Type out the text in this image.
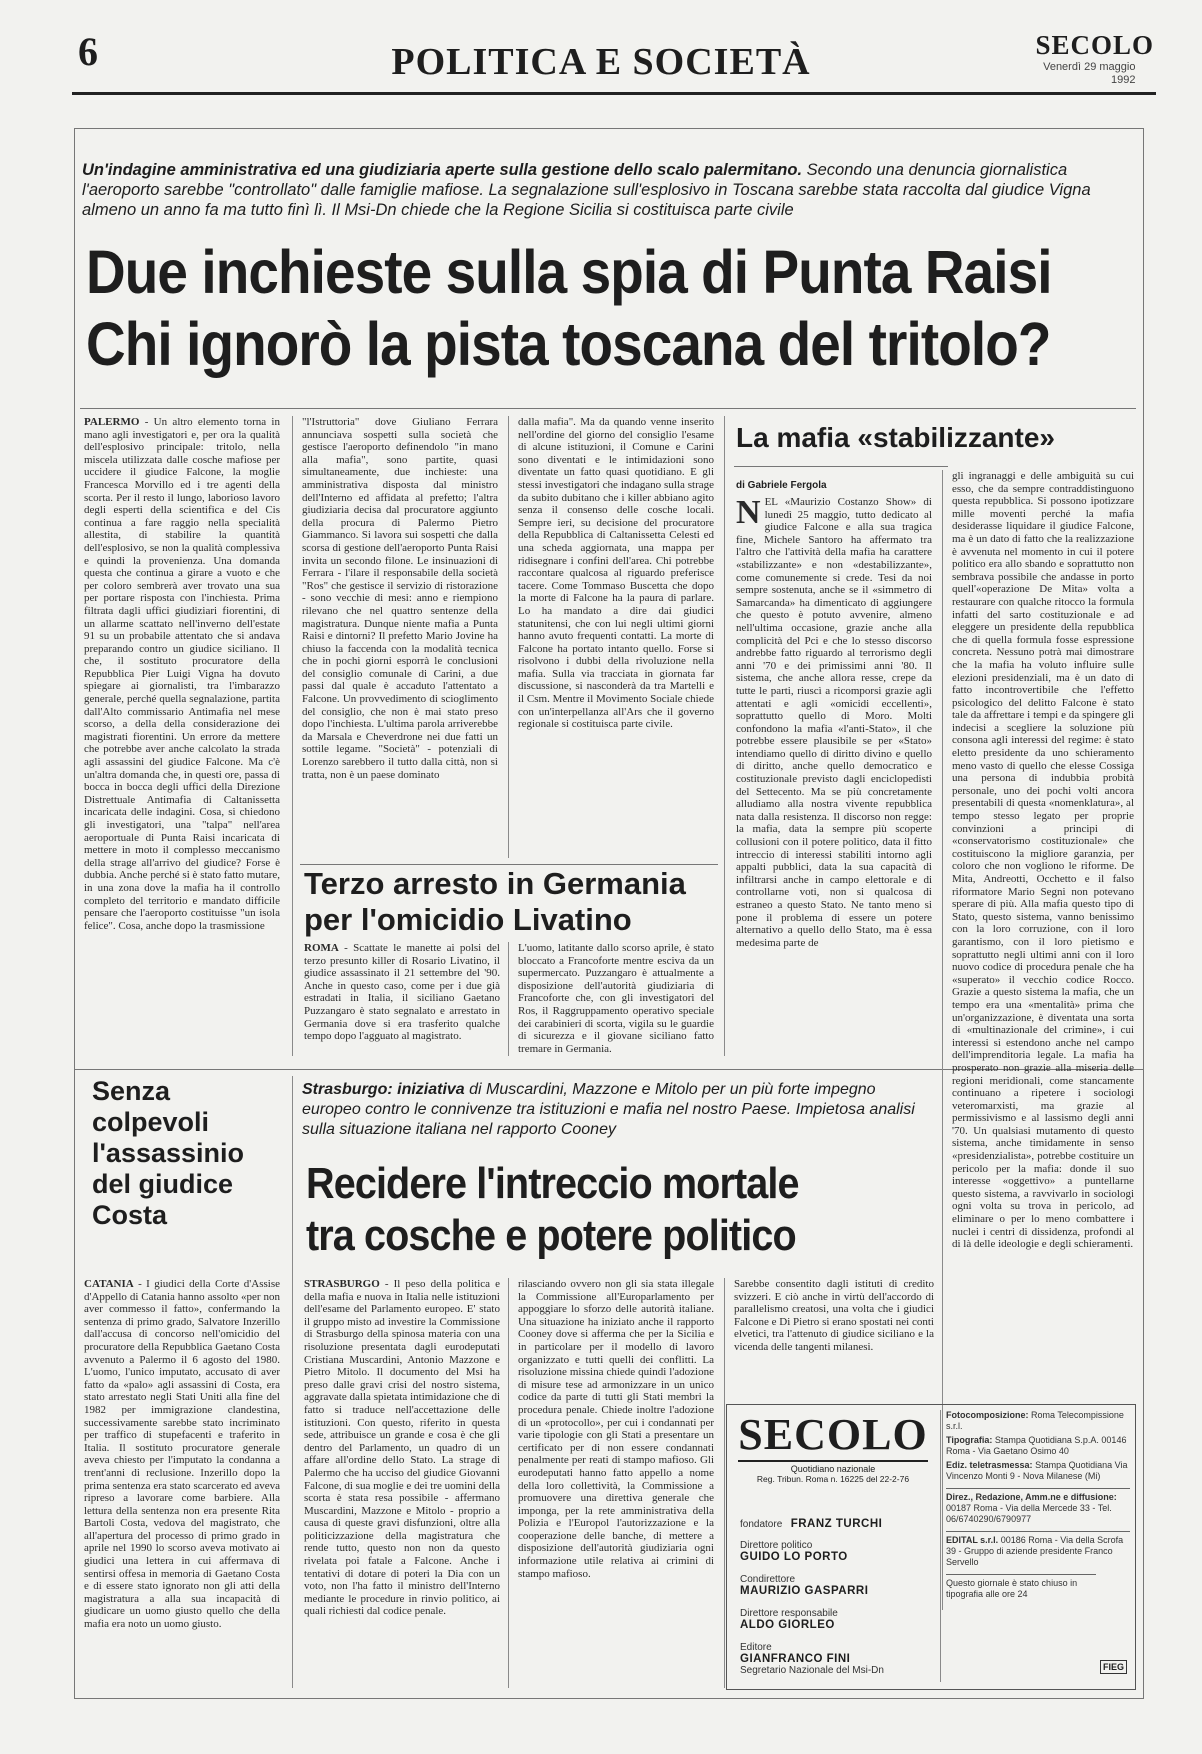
6	POLITICA E SOCIETÀ	SECOLO
Venerdì 29 maggio 1992
Un'indagine amministrativa ed una giudiziaria aperte sulla gestione dello scalo palermitano. Secondo una denuncia giornalistica l'aeroporto sarebbe "controllato" dalle famiglie mafiose. La segnalazione sull'esplosivo in Toscana sarebbe stata raccolta dal giudice Vigna almeno un anno fa ma tutto finì lì. Il Msi-Dn chiede che la Regione Sicilia si costituisca parte civile
Due inchieste sulla spia di Punta Raisi
Chi ignorò la pista toscana del tritolo?
PALERMO - Un altro elemento torna in mano agli investigatori e, per ora la qualità dell'esplosivo principale: tritolo, nella miscela utilizzata dalle cosche mafiose per uccidere il giudice Falcone, la moglie Francesca Morvillo ed i tre agenti della scorta. Per il resto il lungo, laborioso lavoro degli esperti della scientifica e del Cis continua a fare raggio nella specialità allestita, di stabilire la quantità dell'esplosivo, se non la qualità complessiva e quindi la provenienza. Una domanda questa che continua a girare a vuoto e che per coloro sembrerà aver trovato una sua per portare risposta con l'inchiesta. Prima filtrata dagli uffici giudiziari fiorentini, di un allarme scattato nell'inverno dell'estate 91 su un probabile attentato che si andava preparando contro un giudice siciliano. Il che, il sostituto procuratore della Repubblica Pier Luigi Vigna ha dovuto spiegare ai giornalisti, tra l'imbarazzo generale, perché quella segnalazione, partita dall'Alto commissario Antimafia nel mese scorso, a della della considerazione dei magistrati fiorentini. Un errore da mettere che potrebbe aver anche calcolato la strada agli assassini del giudice Falcone. Ma c'è un'altra domanda che, in questi ore, passa di bocca in bocca degli uffici della Direzione Distrettuale Antimafia di Caltanissetta incaricata delle indagini. Cosa, si chiedono gli investigatori, una "talpa" nell'area aeroportuale di Punta Raisi incaricata di mettere in moto il complesso meccanismo della strage all'arrivo del giudice? Forse è dubbia. Anche perché si è stato fatto mutare, in una zona dove la mafia ha il controllo completo del territorio e mandato difficile pensare che l'aeroporto costituisse "un isola felice". Cosa, anche dopo la trasmissione
"l'Istruttoria" dove Giuliano Ferrara annunciava sospetti sulla società che gestisce l'aeroporto definendolo "in mano alla mafia", sono partite, quasi simultaneamente, due inchieste: una amministrativa disposta dal ministro dell'Interno ed affidata al prefetto; l'altra giudiziaria decisa dal procuratore aggiunto della procura di Palermo Pietro Giammanco. Si lavora sui sospetti che dalla scorsa di gestione dell'aeroporto Punta Raisi invita un secondo filone. Le insinuazioni di Ferrara - l'ilare il responsabile della società "Ros" che gestisce il servizio di ristorazione - sono vecchie di mesi: anno e riempiono rilevano che nel quattro sentenze della magistratura. Dunque niente mafia a Punta Raisi e dintorni? Il prefetto Mario Jovine ha chiuso la faccenda con la modalità tecnica che in pochi giorni esporrà le conclusioni del consiglio comunale di Carini, a due passi dal quale è accaduto l'attentato a Falcone. Un provvedimento di scioglimento del consiglio, che non è mai stato preso dopo l'inchiesta. L'ultima parola arriverebbe da Marsala e Cheverdrone nei due fatti un sottile legame. "Società" - potenziali di Lorenzo sarebbero il tutto dalla città, non si tratta, non è un paese dominato
dalla mafia". Ma da quando venne inserito nell'ordine del giorno del consiglio l'esame di alcune istituzioni, il Comune e Carini sono diventati e le intimidazioni sono diventate un fatto quasi quotidiano. E gli stessi investigatori che indagano sulla strage da subito dubitano che i killer abbiano agito senza il consenso delle cosche locali. Sempre ieri, su decisione del procuratore della Repubblica di Caltanissetta Celesti ed una scheda aggiornata, una mappa per ridisegnare i confini dell'area. Chi potrebbe raccontare qualcosa al riguardo preferisce tacere. Come Tommaso Buscetta che dopo la morte di Falcone ha la paura di parlare. Lo ha mandato a dire dai giudici statunitensi, che con lui negli ultimi giorni hanno avuto frequenti contatti. La morte di Falcone ha portato intanto quello. Forse si risolvono i dubbi della rivoluzione nella mafia. Sulla via tracciata in giornata far discussione, si nasconderà da tra Martelli e il Csm. Mentre il Movimento Sociale chiede con un'interpellanza all'Ars che il governo regionale si costituisca parte civile.
La mafia «stabilizzante»
di Gabriele Fergola
NEL «Maurizio Costanzo Show» di lunedì 25 maggio, tutto dedicato al giudice Falcone e alla sua tragica fine, Michele Santoro ha affermato tra l'altro che l'attività della mafia ha carattere «stabilizzante» e non «destabilizzante», come comunemente si crede. Tesi da noi sempre sostenuta, anche se il «simmetro di Samarcanda» ha dimenticato di aggiungere che questo è potuto avvenire, almeno nell'ultima occasione, grazie anche alla complicità del Pci e che lo stesso discorso andrebbe fatto riguardo al terrorismo degli anni '70 e dei primissimi anni '80. Il sistema, che anche allora resse, crepe da tutte le parti, riuscì a ricomporsi grazie agli attentati e agli «omicidi eccellenti», soprattutto quello di Moro. Molti confondono la mafia «l'anti-Stato», il che potrebbe essere plausibile se per «Stato» intendiamo quello di diritto divino e quello di diritto, anche quello democratico e costituzionale previsto dagli enciclopedisti del Settecento. Ma se più concretamente alludiamo alla nostra vivente repubblica nata dalla resistenza. Il discorso non regge: la mafia, data la sempre più scoperte collusioni con il potere politico, data il fitto intreccio di interessi stabiliti intorno agli appalti pubblici, data la sua capacità di infiltrarsi anche in campo elettorale e di controllarne voti, non si qualcosa di estraneo a questo Stato. Ne tanto meno si pone il problema di essere un potere alternativo a quello dello Stato, ma è essa medesima parte de
gli ingranaggi e delle ambiguità su cui esso, che da sempre contraddistinguono questa repubblica. Si possono ipotizzare mille moventi perché la mafia desiderasse liquidare il giudice Falcone, ma è un dato di fatto che la realizzazione è avvenuta nel momento in cui il potere politico era allo sbando e soprattutto non sembrava possibile che andasse in porto quell'«operazione De Mita» volta a restaurare con qualche ritocco la formula infatti del sarto costituzionale e ad eleggere un presidente della repubblica che di quella formula fosse espressione concreta. Nessuno potrà mai dimostrare che la mafia ha voluto influire sulle elezioni presidenziali, ma è un dato di fatto incontrovertibile che l'effetto psicologico del delitto Falcone è stato tale da affrettare i tempi e da spingere gli indecisi a scegliere la soluzione più consona agli interessi del regime: è stato eletto presidente da uno schieramento meno vasto di quello che elesse Cossiga una persona di indubbia probità personale, uno dei pochi volti ancora presentabili di questa «nomenklatura», al tempo stesso legato per proprie convinzioni a principi di «conservatorismo costituzionale» che costituiscono la migliore garanzia, per coloro che non vogliono le riforme. De Mita, Andreotti, Occhetto e il falso riformatore Mario Segni non potevano sperare di più. Alla mafia questo tipo di Stato, questo sistema, vanno benissimo con la loro corruzione, con il loro garantismo, con il loro pietismo e soprattutto negli ultimi anni con il loro nuovo codice di procedura penale che ha «superato» il vecchio codice Rocco. Grazie a questo sistema la mafia, che un tempo era una «mentalità» prima che un'organizzazione, è diventata una sorta di «multinazionale del crimine», i cui interessi si estendono anche nel campo dell'imprenditoria legale. La mafia ha prosperato non grazie alla miseria delle regioni meridionali, come stancamente continuano a ripetere i sociologi veteromarxisti, ma grazie al permissivismo e al lassismo degli anni '70. Un qualsiasi mutamento di questo sistema, anche timidamente in senso «presidenzialista», potrebbe costituire un pericolo per la mafia: donde il suo interesse «oggettivo» a puntellarne questo sistema, a ravvivarlo in sociologi ogni volta su trova in pericolo, ad eliminare o per lo meno combattere i nuclei i centri di dissidenza, profondi al di là delle ideologie e degli schieramenti.
Terzo arresto in Germania
per l'omicidio Livatino
ROMA - Scattate le manette ai polsi del terzo presunto killer di Rosario Livatino, il giudice assassinato il 21 settembre del '90. Anche in questo caso, come per i due già estradati in Italia, il siciliano Gaetano Puzzangaro è stato segnalato e arrestato in Germania dove si era trasferito qualche tempo dopo l'agguato al magistrato.
L'uomo, latitante dallo scorso aprile, è stato bloccato a Francoforte mentre esciva da un supermercato. Puzzangaro è attualmente a disposizione dell'autorità giudiziaria di Francoforte che, con gli investigatori del Ros, il Raggruppamento operativo speciale dei carabinieri di scorta, vigila su le guardie di sicurezza e il giovane siciliano fatto tremare in Germania.
Senza colpevoli l'assassinio del giudice Costa
CATANIA - I giudici della Corte d'Assise d'Appello di Catania hanno assolto «per non aver commesso il fatto», confermando la sentenza di primo grado, Salvatore Inzerillo dall'accusa di concorso nell'omicidio del procuratore della Repubblica Gaetano Costa avvenuto a Palermo il 6 agosto del 1980. L'uomo, l'unico imputato, accusato di aver fatto da «palo» agli assassini di Costa, era stato arrestato negli Stati Uniti alla fine del 1982 per immigrazione clandestina, successivamente sarebbe stato incriminato per traffico di stupefacenti e traferito in Italia. Il sostituto procuratore generale aveva chiesto per l'imputato la condanna a trent'anni di reclusione. Inzerillo dopo la prima sentenza era stato scarcerato ed aveva ripreso a lavorare come barbiere. Alla lettura della sentenza non era presente Rita Bartoli Costa, vedova del magistrato, che all'apertura del processo di primo grado in aprile nel 1990 lo scorso aveva motivato ai giudici una lettera in cui affermava di sentirsi offesa in memoria di Gaetano Costa e di essere stato ignorato non gli atti della magistratura a alla sua incapacità di giudicare un uomo giusto quello che della mafia era noto un uomo giusto.
Strasburgo: iniziativa di Muscardini, Mazzone e Mitolo per un più forte impegno europeo contro le connivenze tra istituzioni e mafia nel nostro Paese. Impietosa analisi sulla situazione italiana nel rapporto Cooney
Recidere l'intreccio mortale
tra cosche e potere politico
STRASBURGO - Il peso della politica e della mafia e nuova in Italia nelle istituzioni dell'esame del Parlamento europeo. E' stato il gruppo misto ad investire la Commissione di Strasburgo della spinosa materia con una risoluzione presentata dagli eurodeputati Cristiana Muscardini, Antonio Mazzone e Pietro Mitolo. Il documento del Msi ha preso dalle gravi crisi del nostro sistema, aggravate dalla spietata intimidazione che di fatto si traduce nell'accettazione delle istituzioni. Con questo, riferito in questa sede, attribuisce un grande e cosa è che gli dentro del Parlamento, un quadro di un affare all'ordine dello Stato. La strage di Palermo che ha ucciso del giudice Giovanni Falcone, di sua moglie e dei tre uomini della scorta è stata resa possibile - affermano Muscardini, Mazzone e Mitolo - proprio a causa di queste gravi disfunzioni, oltre alla politicizzazione della magistratura che rende tutto, questo non non da questo rivelata poi fatale a Falcone. Anche i tentativi di dotare di poteri la Dia con un voto, non l'ha fatto il ministro dell'Interno mediante le procedure in rinvio politico, ai quali richiesti dal codice penale.
rilasciando ovvero non gli sia stata illegale la Commissione all'Europarlamento per appoggiare lo sforzo delle autorità italiane. Una situazione ha iniziato anche il rapporto Cooney dove si afferma che per la Sicilia e in particolare per il modello di lavoro organizzato e tutti quelli dei conflitti. La risoluzione missina chiede quindi l'adozione di misure tese ad armonizzare in un unico codice da parte di tutti gli Stati membri la procedura penale. Chiede inoltre l'adozione di un «protocollo», per cui i condannati per varie tipologie con gli Stati a presentare un certificato per di non essere condannati penalmente per reati di stampo mafioso. Gli eurodeputati hanno fatto appello a nome della loro collettività, la Commissione a promuovere una direttiva generale che imponga, per la rete amministrativa della Polizia e l'Europol l'autorizzazione e la cooperazione delle banche, di mettere a disposizione dell'autorità giudiziaria ogni informazione utile relativa ai crimini di stampo mafioso.
Sarebbe consentito dagli istituti di credito svizzeri. E ciò anche in virtù dell'accordo di parallelismo creatosi, una volta che i giudici Falcone e Di Pietro si erano spostati nei conti elvetici, tra l'attenuto di giudice siciliano e la vicenda delle tangenti milanesi.
SECOLO
Quotidiano nazionale
Reg. Tribun. Roma n. 16225 del 22-2-76
fondatore FRANZ TURCHI
Direttore politico
GUIDO LO PORTO
Condirettore
MAURIZIO GASPARRI
Direttore responsabile
ALDO GIORLEO
Editore
GIANFRANCO FINI
Segretario Nazionale del Msi-Dn
Fotocomposizione: Roma Telecompissione s.r.l.
Tipografia: Stampa Quotidiana S.p.A. 00146 Roma - Via Gaetano Osimo 40
Ediz. teletrasmessa: Stampa Quotidiana Via Vincenzo Monti 9 - Nova Milanese (Mi)
Direz., Redazione, Amm.ne e diffusione: 00187 Roma - Via della Mercede 33 - Tel. 06/6740290/6790977
EDITAL s.r.l. 00186 Roma - Via della Scrofa 39 - Gruppo di aziende presidente Franco Servello
Questo giornale è stato chiuso in tipografia alle ore 24
FIEG
